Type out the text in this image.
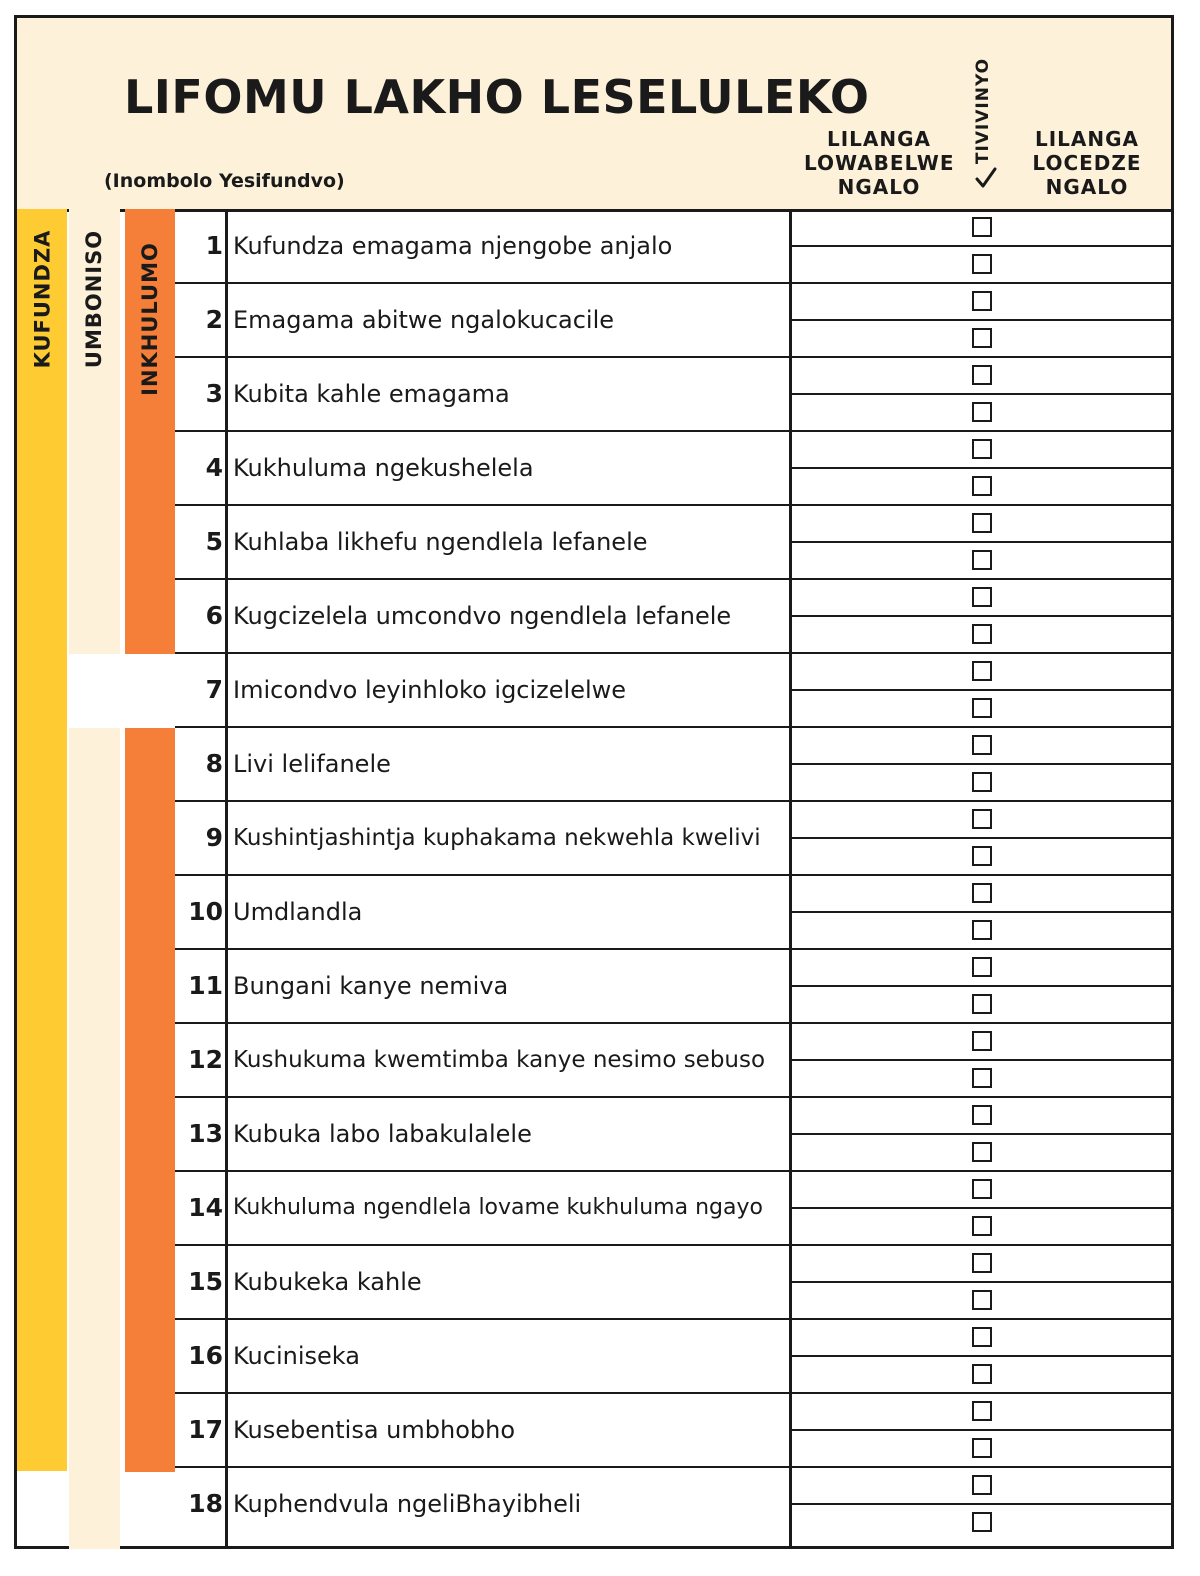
LIFOMU LAKHO LESELULEKO
(Inombolo Yesifundvo)
LILANGA LOWABELWE NGALO
TIVIVINYO	LILANGA LOCEDZE NGALO
KUFUNDZA UMBONISO INKHULUMO	1 Kufundza emagama njengobe anjalo
2 Emagama abitwe ngalokucacile
3 Kubita kahle emagama
4 Kukhuluma ngekushelela
5 Kuhlaba likhefu ngendlela lefanele
6 Kugcizelela umcondvo ngendlela lefanele
7 Imicondvo leyinhloko igcizelelwe
8 Livi lelifanele
9 Kushintjashintja kuphakama nekwehla kwelivi
10 Umdlandla
11 Bungani kanye nemiva
12 Kushukuma kwemtimba kanye nesimo sebuso
13 Kubuka labo labakulalele
14 Kukhuluma ngendlela lovame kukhuluma ngayo
15 Kubukeka kahle
16 Kuciniseka
17 Kusebentisa umbhobho
18 Kuphendvula ngeliBhayibheli
